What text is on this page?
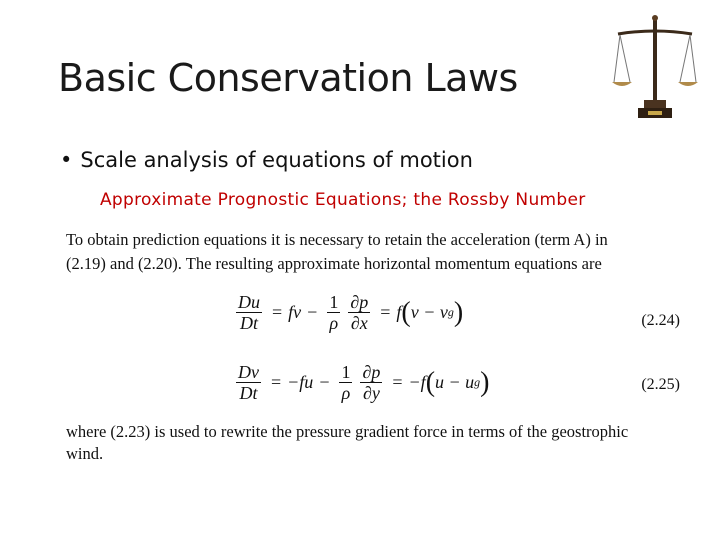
Basic Conservation Laws
• Scale analysis of equations of motion
Approximate Prognostic Equations; the Rossby Number
To obtain prediction equations it is necessary to retain the acceleration (term A) in
(2.19) and (2.20). The resulting approximate horizontal momentum equations are
$\frac{Du}{Dt}$ = fv − $\frac{1}{\rho} \frac{\partial p}{\partial x} = f$ ( v − v g )	(2.24)
$\frac{Dv}{Dt} = -fu - \frac{1}{\rho} \frac{\partial p}{\partial y} = -f$ ( u − u g )	(2.25)
where (2.23) is used to rewrite the pressure gradient force in terms of the geostrophic
wind.
